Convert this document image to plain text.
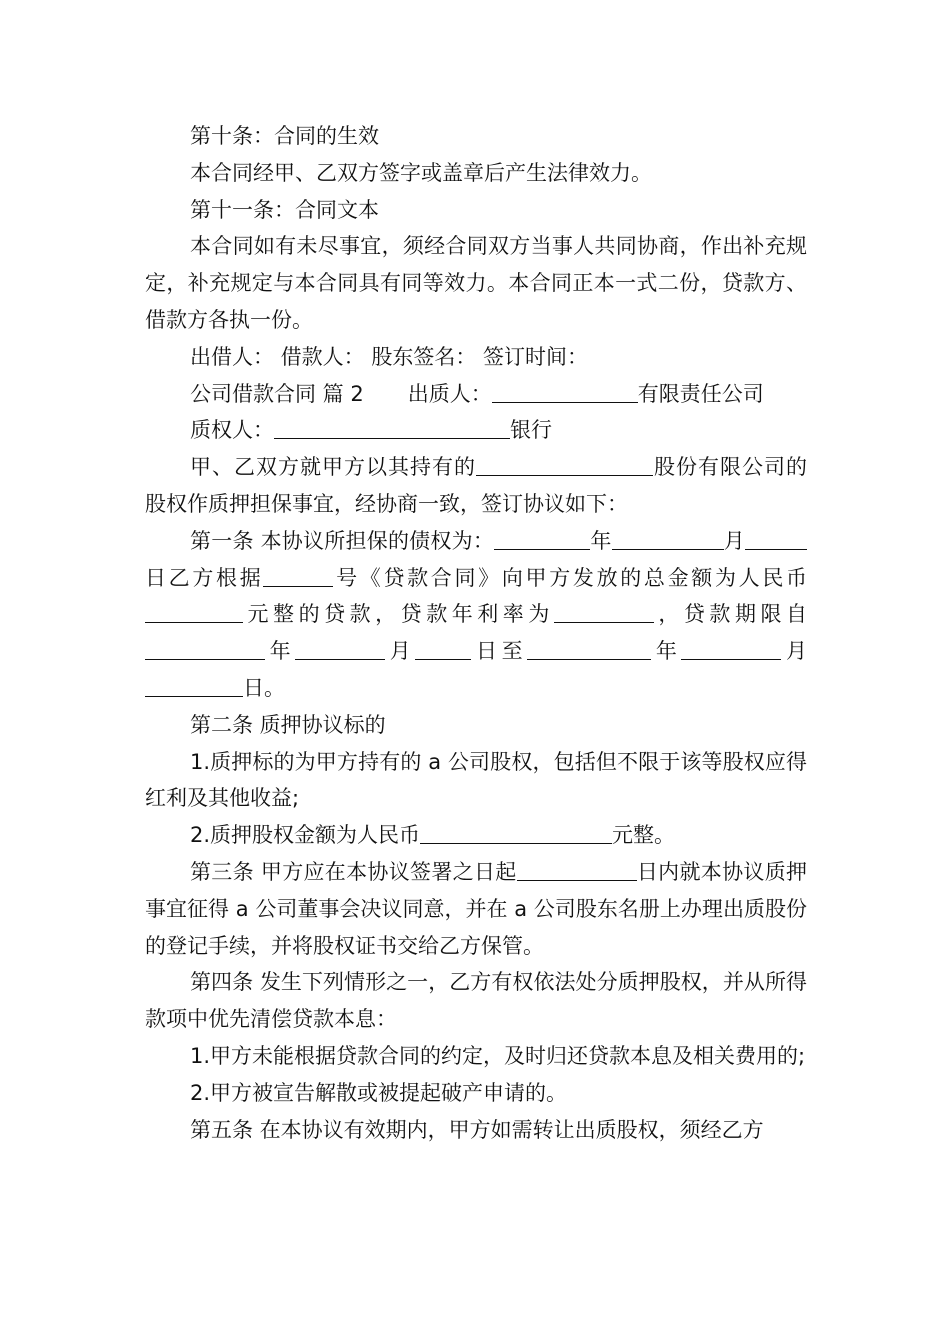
第十条：合同的生效

本合同经甲、乙双方签字或盖章后产生法律效力。

第十一条：合同文本

本合同如有未尽事宜，须经合同双方当事人共同协商，作出补充规定，补充规定与本合同具有同等效力。本合同正本一式二份，贷款方、借款方各执一份。

出借人： 借款人： 股东签名： 签订时间：

公司借款合同 篇 2 出质人：	有限责任公司

质权人：	银行

甲、乙双方就甲方以其持有的	股份有限公司的股权作质押担保事宜，经协商一致，签订协议如下：

第一条 本协议所担保的债权为：	年	月日乙方根据	号《贷款合同》向甲方发放的总金额为人民币元整的贷款，贷款年利率为	，贷款期限自年	月	日至	年	月日。

第二条 质押协议标的

1.质押标的为甲方持有的 a 公司股权，包括但不限于该等股权应得红利及其他收益;

2.质押股权金额为人民币	元整。

第三条 甲方应在本协议签署之日起	日内就本协议质押事宜征得 a 公司董事会决议同意，并在 a 公司股东名册上办理出质股份的登记手续，并将股权证书交给乙方保管。

第四条 发生下列情形之一，乙方有权依法处分质押股权，并从所得款项中优先清偿贷款本息：

1.甲方未能根据贷款合同的约定，及时归还贷款本息及相关费用的;

2.甲方被宣告解散或被提起破产申请的。

第五条 在本协议有效期内，甲方如需转让出质股权，须经乙方
